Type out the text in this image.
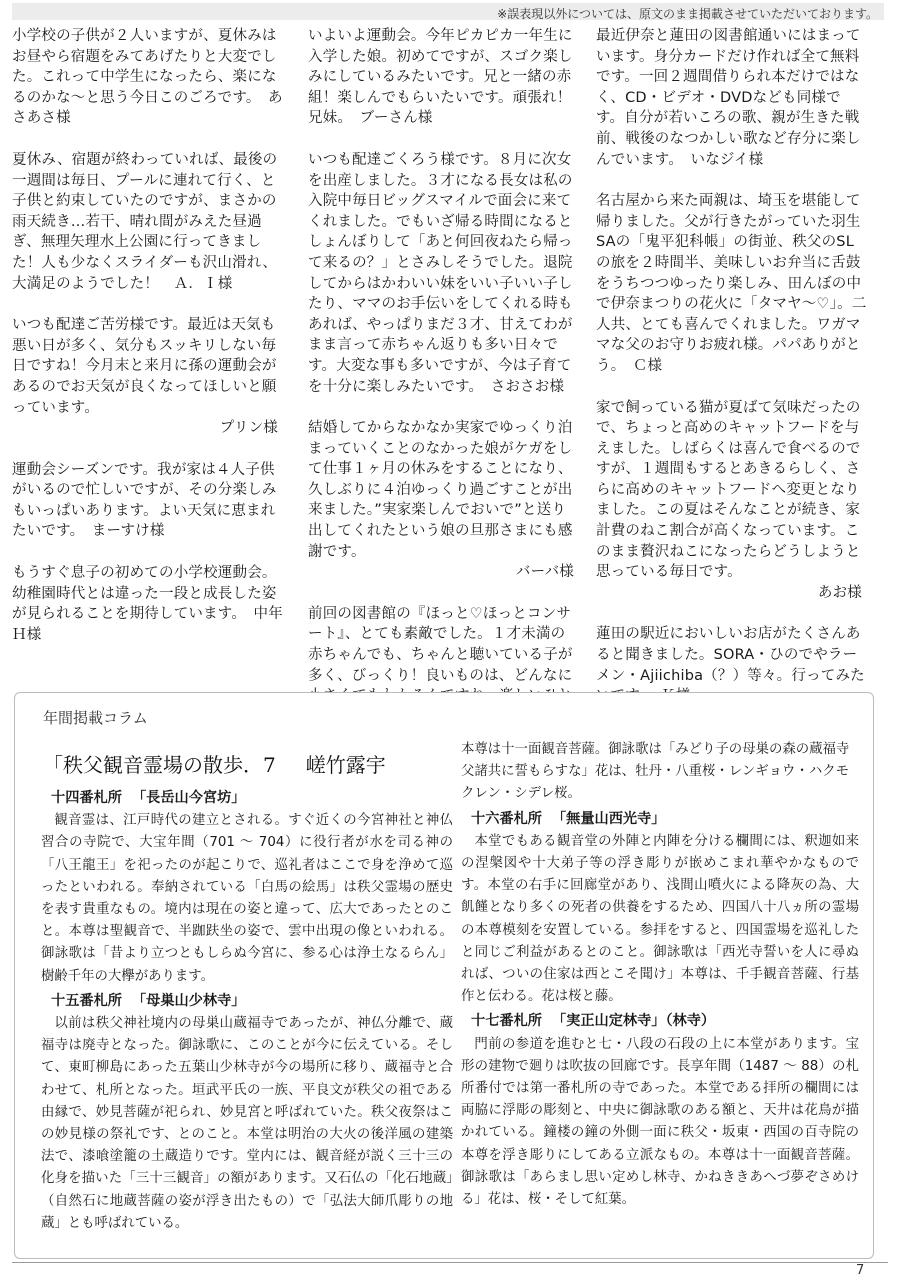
※誤表現以外については、原文のまま掲載させていただいております。

小学校の子供が２人いますが、夏休みはお昼やら宿題をみてあげたりと大変でした。これって中学生になったら、楽になるのかな〜と思う今日このごろです。　 あさあさ様

夏休み、宿題が終わっていれば、最後の一週間は毎日、プールに連れて行く、と子供と約束していたのですが、まさかの雨天続き…若干、晴れ間がみえた昼過ぎ、無理矢理水上公園に行ってきました！人も少なくスライダーも沢山滑れ、大満足のようでした！　 Ａ．Ｉ様

いつも配達ご苦労様です。最近は天気も悪い日が多く、気分もスッキリしない毎日ですね！今月末と来月に孫の運動会があるのでお天気が良くなってほしいと願っています。
プリン様

運動会シーズンです。我が家は４人子供がいるので忙しいですが、その分楽しみもいっぱいあります。よい天気に恵まれたいです。　 まーすけ様

もうすぐ息子の初めての小学校運動会。幼稚園時代とは違った一段と成長した姿が見られることを期待しています。　 中年Ｈ様

いよいよ運動会。今年ピカピカ一年生に入学した娘。初めてですが、スゴク楽しみにしているみたいです。兄と一緒の赤組！楽しんでもらいたいです。頑張れ！兄妹。　 ブーさん様

いつも配達ごくろう様です。８月に次女を出産しました。３才になる長女は私の入院中毎日ビッグスマイルで面会に来てくれました。でもいざ帰る時間になるとしょんぼりして「あと何回夜ねたら帰って来るの？」とさみしそうでした。退院してからはかわいい妹をいい子いい子したり、ママのお手伝いをしてくれる時もあれば、やっぱりまだ３才、甘えてわがまま言って赤ちゃん返りも多い日々です。大変な事も多いですが、今は子育てを十分に楽しみたいです。　 さおさお様

結婚してからなかなか実家でゆっくり泊まっていくことのなかった娘がケガをして仕事１ヶ月の休みをすることになり、久しぶりに４泊ゆっくり過ごすことが出来ました。”実家楽しんでおいで”と送り出してくれたという娘の旦那さまにも感謝です。
バーバ様

前回の図書館の『ほっと♡ほっとコンサート』、とても素敵でした。１才未満の赤ちゃんでも、ちゃんと聴いている子が多く、びっくり！良いものは、どんなに

最近伊奈と蓮田の図書館通いにはまっています。身分カードだけ作れば全て無料です。一回２週間借りられ本だけではなく、CD・ビデオ・DVDなども同様です。自分が若いころの歌、親が生きた戦前、戦後のなつかしい歌など存分に楽しんでいます。　 いなジイ様

名古屋から来た両親は、埼玉を堪能して帰りました。父が行きたがっていた羽生SAの「鬼平犯科帳」の街並、秩父のSLの旅を２時間半、美味しいお弁当に舌鼓をうちつつゆったり楽しみ、田んぼの中で伊奈まつりの花火に「タマヤ〜♡」。二人共、とても喜んでくれました。ワガママな父のお守りお疲れ様。パパありがとう。　 Ｃ様

家で飼っている猫が夏ばて気味だったので、ちょっと高めのキャットフードを与えました。しばらくは喜んで食べるのですが、１週間もするとあきるらしく、さらに高めのキャットフードへ変更となりました。この夏はそんなことが続き、家計費のねこ割合が高くなっています。このまま贅沢ねこになったらどうしようと思っている毎日です。
あお様

蓮田の駅近においしいお店がたくさんあると聞きました。SORA・ひのでやラーメン・Ajiichiba（？）等々。行ってみた 　

年間掲載コラム
「秩父観音霊場の散歩．7 嵯竹露宇
十四番札所 「長岳山今宮坊」

観音霊は、江戸時代の建立とされる。すぐ近くの今宮神社と神仏習合の寺院で、大宝年間（701 〜 704）に役行者が水を司る神の「八王龍王」を祀ったのが起こりで、巡礼者はここで身を浄めて巡ったといわれる。奉納されている「白馬の絵馬」は秩父霊場の歴史を表す貴重なもの。境内は現在の姿と違って、広大であったとのこと。本尊は聖観音で、半跏趺坐の姿で、雲中出現の像といわれる。御詠歌は「昔より立つともしらぬ今宮に、参る心は浄土なるらん」樹齢千年の大欅があります。

十五番札所 「母巣山少林寺」

以前は秩父神社境内の母巣山蔵福寺であったが、神仏分離で、蔵福寺は廃寺となった。御詠歌に、このことが今に伝えている。そして、東町柳島にあった五葉山少林寺が今の場所に移り、蔵福寺と合わせて、札所となった。垣武平氏の一族、平良文が秩父の祖である由縁で、妙見菩薩が祀られ、妙見宮と呼ばれていた。秩父夜祭はこの妙見様の祭礼です、とのこと。本堂は明治の大火の後洋風の建築法で、漆喰塗籠の土蔵造りです。堂内には、観音経が説く三十三の化身を描いた「三十三観音」の額があります。又石仏の「化石地蔵」（自然石に地蔵菩薩の姿が浮き出たもの）で「弘法大師爪彫りの地蔵」とも呼ばれている。

本尊は十一面観音菩薩。御詠歌は「みどり子の母巣の森の蔵福寺父諸共に誓もらすな」花は、牡丹・八重桜・レンギョウ・ハクモクレン・シデレ桜。

十六番札所 「無量山西光寺」

本堂でもある観音堂の外陣と内陣を分ける欄間には、釈迦如来の涅槃図や十大弟子等の浮き彫りが嵌めこまれ華やかなものです。本堂の右手に回廊堂があり、浅間山噴火による降灰の為、大飢饉となり多くの死者の供養をするため、四国八十八ヵ所の霊場の本尊模刻を安置している。参拝をすると、四国霊場を巡礼したと同じご利益があるとのこと。御詠歌は「西光寺誓いを人に尋ぬれば、ついの住家は西とこそ聞け」本尊は、千手観音菩薩、行基作と伝わる。花は桜と藤。

十七番札所 「実正山定林寺」（林寺）

門前の参道を進むと七・八段の石段の上に本堂があります。宝形の建物で廻りは吹抜の回廊です。長享年間（1487 〜 88）の札所番付では第一番札所の寺であった。本堂である拝所の欄間には両脇に浮彫の彫刻と、中央に御詠歌のある額と、天井は花鳥が描かれている。鐘楼の鐘の外側一面に秩父・坂東・西国の百寺院の本尊を浮き彫りにしてある立派なもの。本尊は十一面観音菩薩。御詠歌は「あらまし思い定めし林寺、かねききあへづ夢ぞさめける」花は、桜・そして紅葉。

7
